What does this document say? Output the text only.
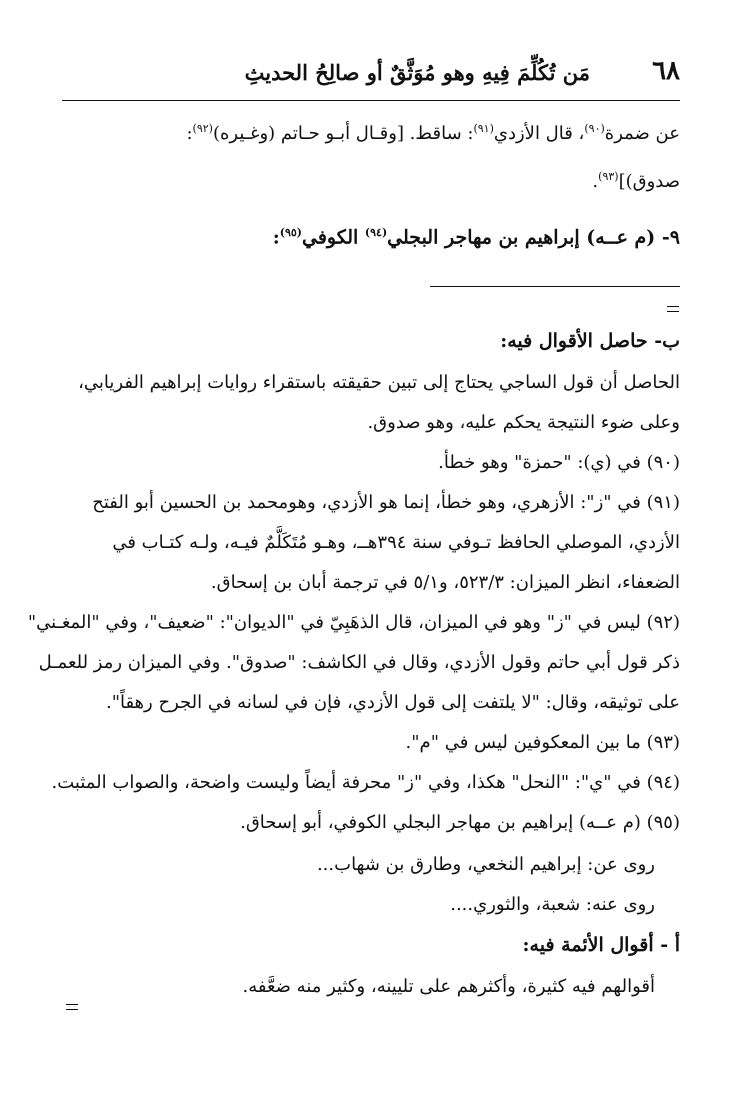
مَن تُكُلِّمَ فِيهِ وهو مُوَثَّقٌ أو صالِحُ الحديثِ ٦٨
عن ضمرة$^{(٩٠)}$، قال الأزدي$^{(٩١)}$: ساقط. [وقـال أبـو حـاتم (وغـيره)$^{(٩٢)}$:
صدوق)]$^{(٩٣)}$.
٩- (م عــه) إبراهيم بن مهاجر البجلي$^{(٩٤)}$ الكوفي$^{(٩٥)}$:
ب- حاصل الأقوال فيه:
الحاصل أن قول الساجي يحتاج إلى تبين حقيقته باستقراء روايات إبراهيم الفريابي،
وعلى ضوء النتيجة يحكم عليه، وهو صدوق.
(٩٠) في (ي): "حمزة" وهو خطأ.
(٩١) في "ز": الأزهري، وهو خطأ، إنما هو الأزدي، وهومحمد بن الحسين أبو الفتح
الأزدي، الموصلي الحافظ تـوفي سنة ٣٩٤هــ، وهـو مُتَكَلَّمٌ فيـه، ولـه كتـاب في
الضعفاء، انظر الميزان: ٥٢٣/٣، و٥/١ في ترجمة أبان بن إسحاق.
(٩٢) ليس في "ز" وهو في الميزان، قال الذهَبِيّ في "الديوان": "ضعيف"، وفي "المغـني"
ذكر قول أبي حاتم وقول الأزدي، وقال في الكاشف: "صدوق". وفي الميزان رمز للعمـل
على توثيقه، وقال: "لا يلتفت إلى قول الأزدي، فإن في لسانه في الجرح رهقاً".
(٩٣) ما بين المعكوفين ليس في "م".
(٩٤) في "ي": "النحل" هكذا، وفي "ز" محرفة أيضاً وليست واضحة، والصواب المثبت.
(٩٥) (م عــه) إبراهيم بن مهاجر البجلي الكوفي، أبو إسحاق.
روى عن: إبراهيم النخعي، وطارق بن شهاب...
روى عنه: شعبة، والثوري....
أ - أقوال الأئمة فيه:
أقوالهم فيه كثيرة، وأكثرهم على تليينه، وكثير منه ضعَّفه.
